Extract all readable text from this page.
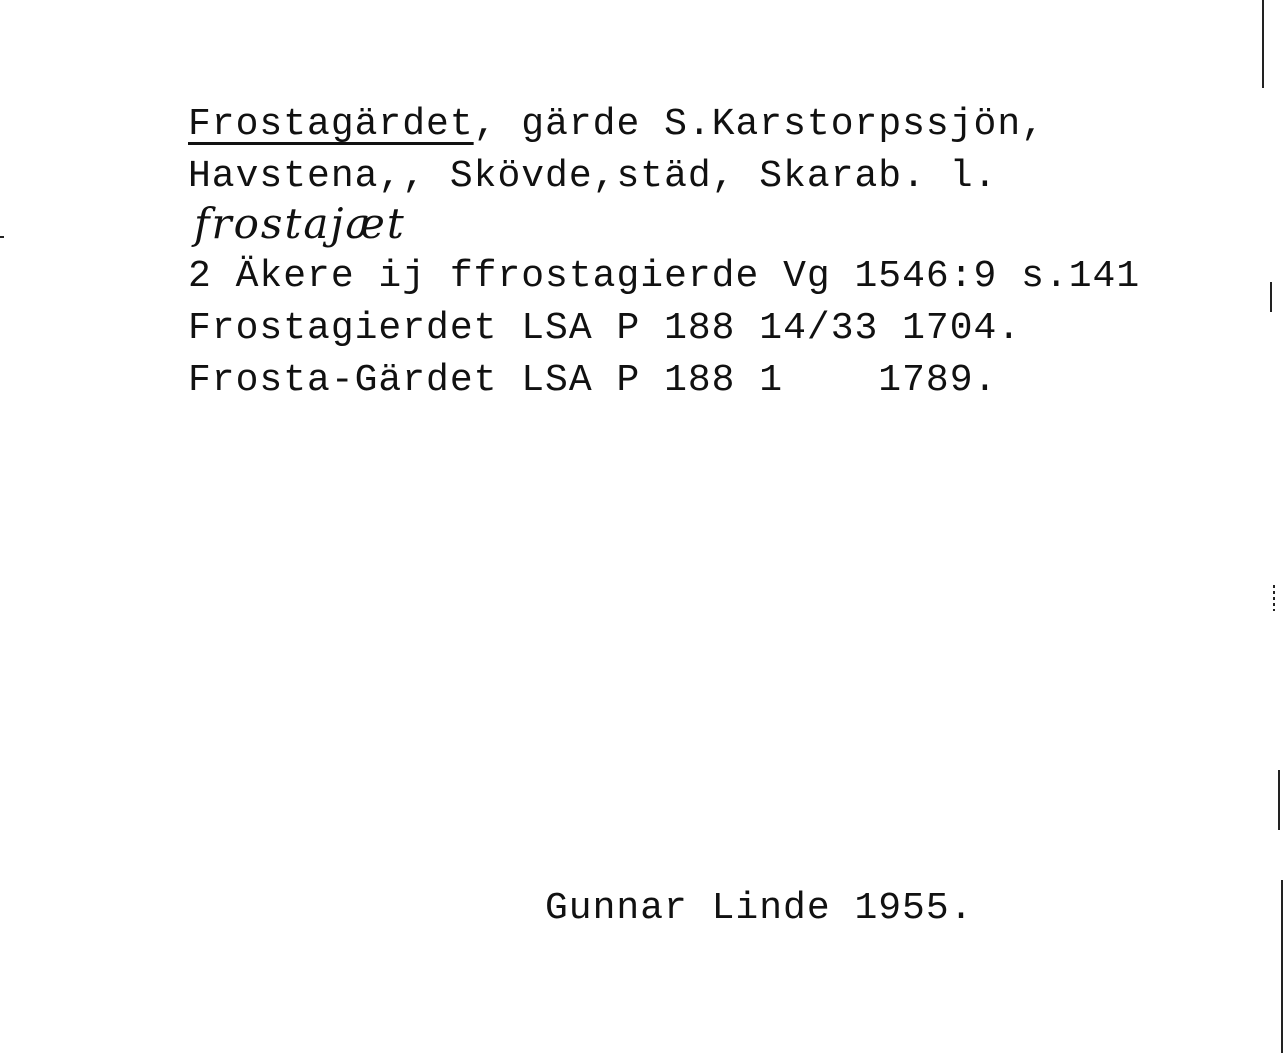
Frostagärdet, gärde S.Karstorpssjön,
Havstena,, Skövde,städ, Skarab. l.
frostajæt
2 Äkere ij ffrostagierde Vg 1546:9 s.141
Frostagierdet LSA P 188 14/33 1704.
Frosta-Gärdet LSA P 188 1    1789.
Gunnar Linde 1955.
